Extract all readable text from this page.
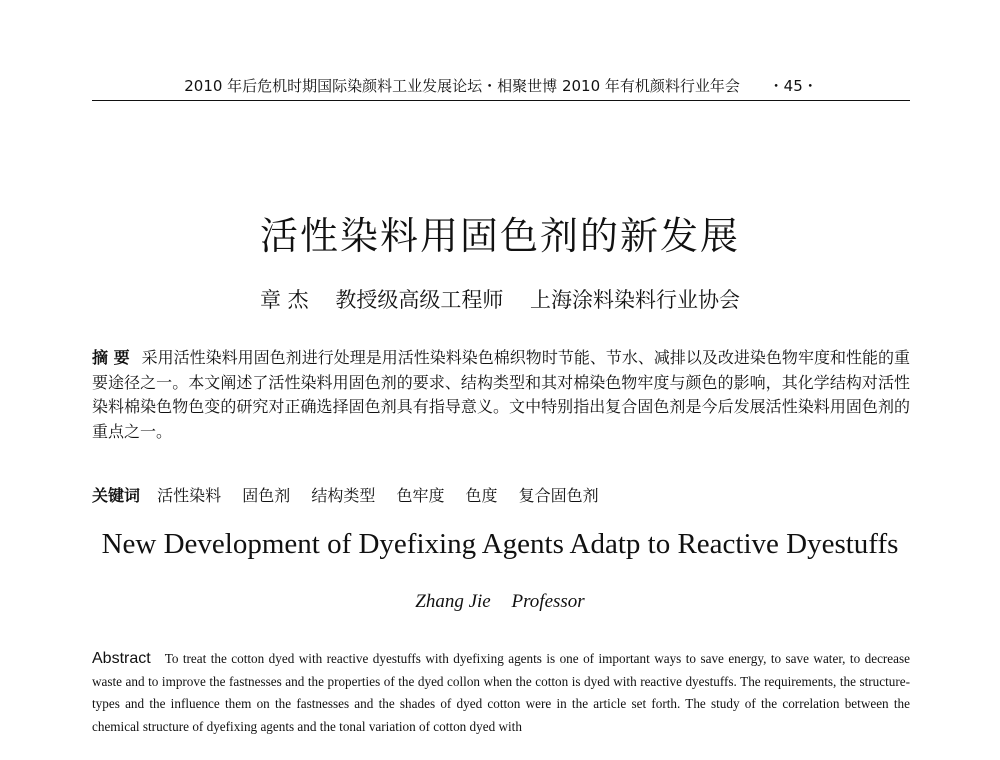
2010 年后危机时期国际染颜料工业发展论坛・相聚世博 2010 年有机颜料行业年会 ・45・
活性染料用固色剂的新发展
章 杰 教授级高级工程师 上海涂料染料行业协会
摘 要 采用活性染料用固色剂进行处理是用活性染料染色棉织物时节能、节水、减排以及改进染色物牢度和性能的重要途径之一。本文阐述了活性染料用固色剂的要求、结构类型和其对棉染色物牢度与颜色的影响，其化学结构对活性染料棉染色物色变的研究对正确选择固色剂具有指导意义。文中特别指出复合固色剂是今后发展活性染料用固色剂的重点之一。
关键词 活性染料 固色剂 结构类型 色牢度 色度 复合固色剂
New Development of Dyefixing Agents Adatp to Reactive Dyestuffs
Zhang Jie Professor
Abstract To treat the cotton dyed with reactive dyestuffs with dyefixing agents is one of important ways to save energy, to save water, to decrease waste and to improve the fastnesses and the properties of the dyed collon when the cotton is dyed with reactive dyestuffs. The requirements, the structure-types and the influence them on the fastnesses and the shades of dyed cotton were in the article set forth. The study of the correlation between the chemical structure of dyefixing agents and the tonal variation of cotton dyed with
